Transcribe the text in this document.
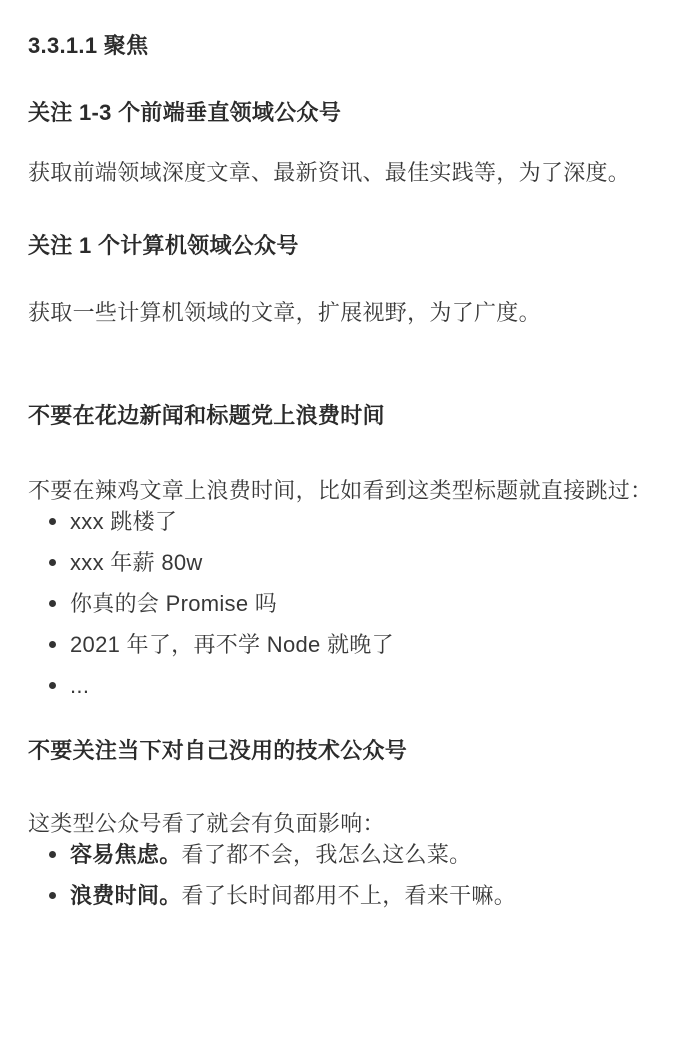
3.3.1.1 聚焦
关注 1-3 个前端垂直领域公众号

获取前端领域深度文章、最新资讯、最佳实践等，为了深度。

关注 1 个计算机领域公众号

获取一些计算机领域的文章，扩展视野，为了广度。

不要在花边新闻和标题党上浪费时间

不要在辣鸡文章上浪费时间，比如看到这类型标题就直接跳过：

xxx 跳楼了
xxx 年薪 80w
你真的会 Promise 吗
2021 年了，再不学 Node 就晚了
...
不要关注当下对自己没用的技术公众号

这类型公众号看了就会有负面影响：

容易焦虑。看了都不会，我怎么这么菜。
浪费时间。看了长时间都用不上，看来干嘛。
